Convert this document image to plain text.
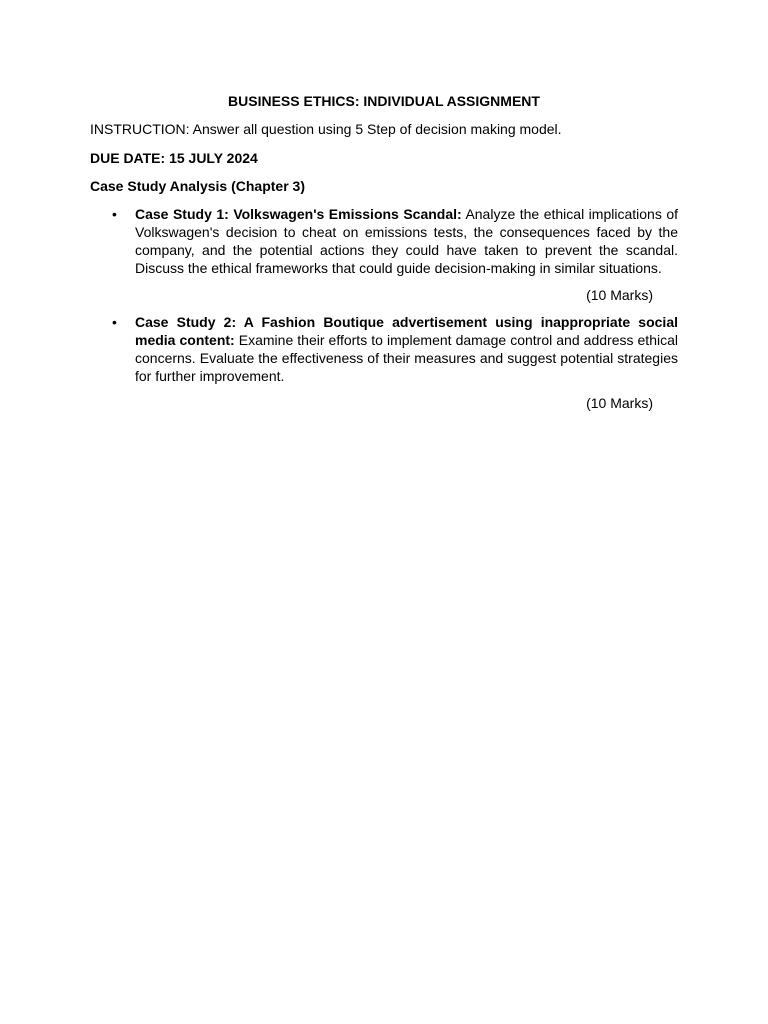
BUSINESS ETHICS: INDIVIDUAL ASSIGNMENT
INSTRUCTION: Answer all question using 5 Step of decision making model.
DUE DATE: 15 JULY 2024
Case Study Analysis (Chapter 3)
• Case Study 1: Volkswagen's Emissions Scandal: Analyze the ethical implications of Volkswagen's decision to cheat on emissions tests, the consequences faced by the company, and the potential actions they could have taken to prevent the scandal. Discuss the ethical frameworks that could guide decision-making in similar situations.
(10 Marks)
• Case Study 2: A Fashion Boutique advertisement using inappropriate social media content: Examine their efforts to implement damage control and address ethical concerns. Evaluate the effectiveness of their measures and suggest potential strategies for further improvement.
(10 Marks)
